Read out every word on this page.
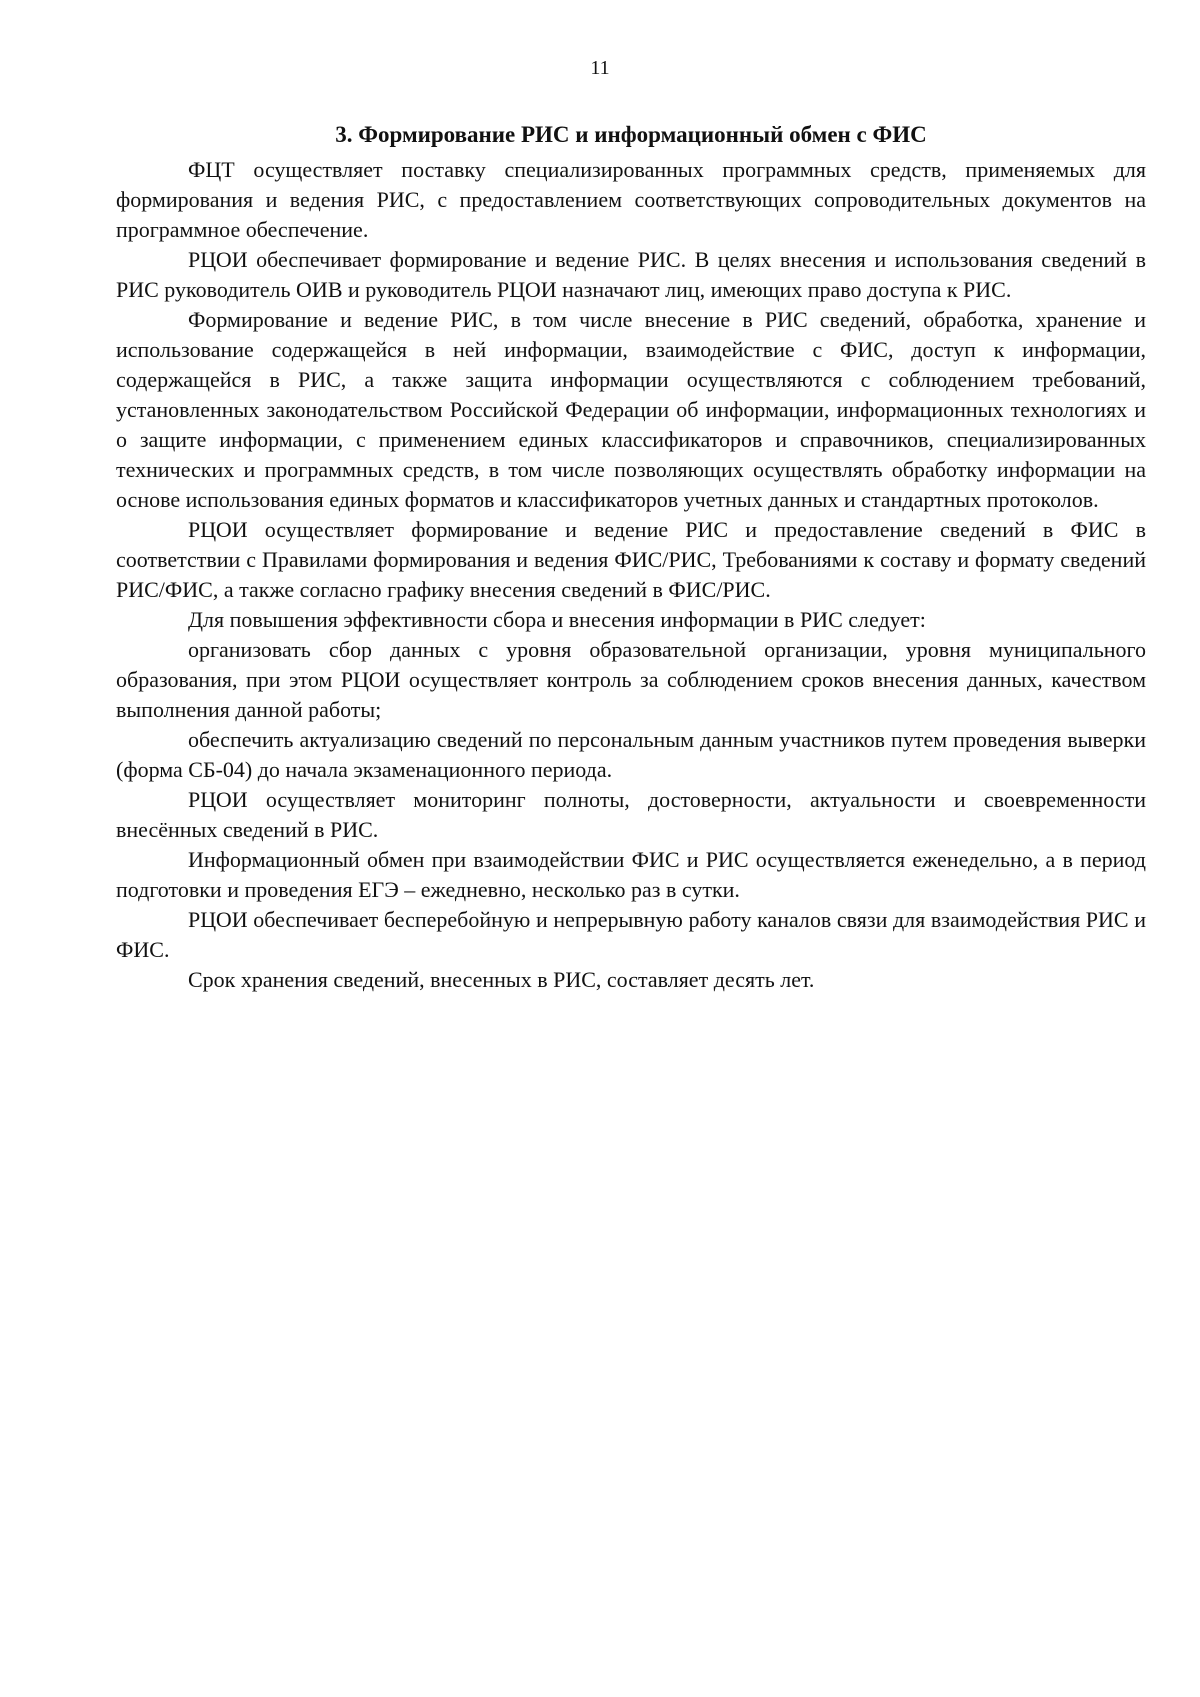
11
3. Формирование РИС и информационный обмен с ФИС

ФЦТ осуществляет поставку специализированных программных средств, применяемых для формирования и ведения РИС, с предоставлением соответствующих сопроводительных документов на программное обеспечение.

РЦОИ обеспечивает формирование и ведение РИС. В целях внесения и использования сведений в РИС руководитель ОИВ и руководитель РЦОИ назначают лиц, имеющих право доступа к РИС.

Формирование и ведение РИС, в том числе внесение в РИС сведений, обработка, хранение и использование содержащейся в ней информации, взаимодействие с ФИС, доступ к информации, содержащейся в РИС, а также защита информации осуществляются с соблюдением требований, установленных законодательством Российской Федерации об информации, информационных технологиях и о защите информации, с применением единых классификаторов и справочников, специализированных технических и программных средств, в том числе позволяющих осуществлять обработку информации на основе использования единых форматов и классификаторов учетных данных и стандартных протоколов.

РЦОИ осуществляет формирование и ведение РИС и предоставление сведений в ФИС в соответствии с Правилами формирования и ведения ФИС/РИС, Требованиями к составу и формату сведений РИС/ФИС, а также согласно графику внесения сведений в ФИС/РИС.

Для повышения эффективности сбора и внесения информации в РИС следует:

организовать сбор данных с уровня образовательной организации, уровня муниципального образования, при этом РЦОИ осуществляет контроль за соблюдением сроков внесения данных, качеством выполнения данной работы;

обеспечить актуализацию сведений по персональным данным участников путем проведения выверки (форма СБ-04) до начала экзаменационного периода.

РЦОИ осуществляет мониторинг полноты, достоверности, актуальности и своевременности внесённых сведений в РИС.

Информационный обмен при взаимодействии ФИС и РИС осуществляется еженедельно, а в период подготовки и проведения ЕГЭ – ежедневно, несколько раз в сутки.

РЦОИ обеспечивает бесперебойную и непрерывную работу каналов связи для взаимодействия РИС и ФИС.

Срок хранения сведений, внесенных в РИС, составляет десять лет.
